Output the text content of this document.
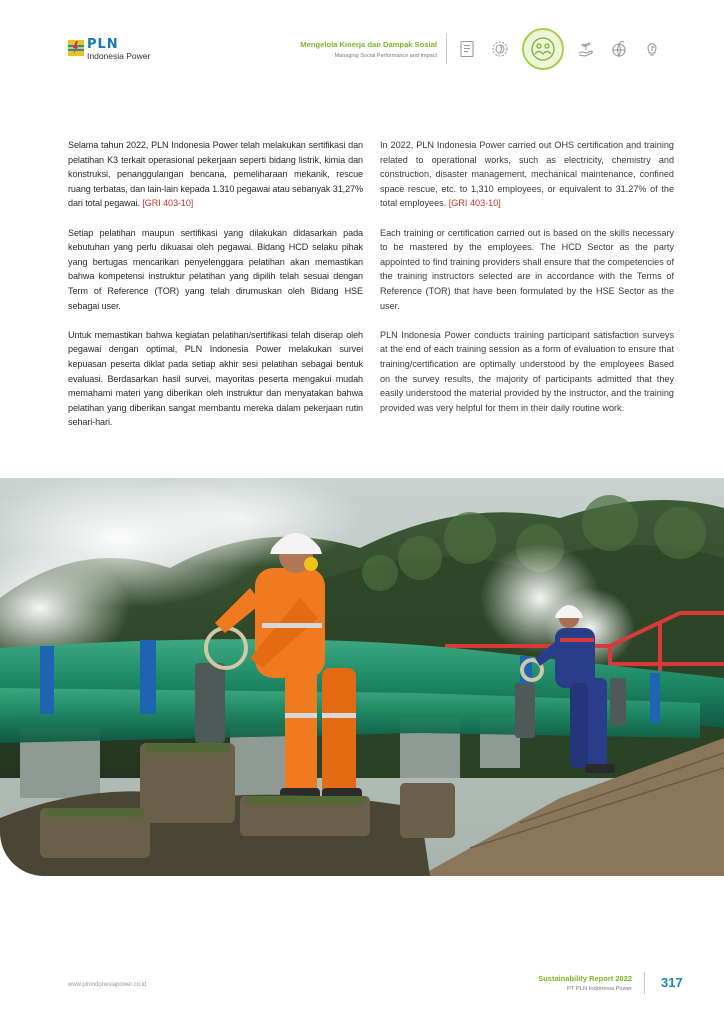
PLN
Indonesia Power
Mengelola Kinerja dan Dampak Sosial
Managing Social Performance and Impact

Selama tahun 2022, PLN Indonesia Power telah melakukan sertifikasi dan pelatihan K3 terkait operasional pekerjaan seperti bidang listrik, kimia dan konstruksi, penanggulangan bencana, pemeliharaan mekanik, rescue ruang terbatas, dan lain-lain kepada 1.310 pegawai atau sebanyak 31,27% dari total pegawai. [GRI 403-10]

Setiap pelatihan maupun sertifikasi yang dilakukan didasarkan pada kebutuhan yang perlu dikuasai oleh pegawai. Bidang HCD selaku pihak yang bertugas mencarikan penyelenggara pelatihan akan memastikan bahwa kompetensi instruktur pelatihan yang dipilih telah sesuai dengan Term of Reference (TOR) yang telah dirumuskan oleh Bidang HSE sebagai user.

Untuk memastikan bahwa kegiatan pelatihan/sertifikasi telah diserap oleh pegawai dengan optimal, PLN Indonesia Power melakukan survei kepuasan peserta diklat pada setiap akhir sesi pelatihan sebagai bentuk evaluasi. Berdasarkan hasil survei, mayoritas peserta mengakui mudah memahami materi yang diberikan oleh instruktur dan menyatakan bahwa pelatihan yang diberikan sangat membantu mereka dalam pekerjaan rutin sehari-hari.

In 2022, PLN Indonesia Power carried out OHS certification and training related to operational works, such as electricity, chemistry and construction, disaster management, mechanical maintenance, confined space rescue, etc. to 1,310 employees, or equivalent to 31.27% of the total employees. [GRI 403-10]

Each training or certification carried out is based on the skills necessary to be mastered by the employees. The HCD Sector as the party appointed to find training providers shall ensure that the competencies of the training instructors selected are in accordance with the Terms of Reference (TOR) that have been formulated by the HSE Sector as the user.

PLN Indonesia Power conducts training participant satisfaction surveys at the end of each training session as a form of evaluation to ensure that training/certification are optimally understood by the employees Based on the survey results, the majority of participants admitted that they easily understood the material provided by the instructor, and the training provided was very helpful for them in their daily routine work.

www.plnindonesiapower.co.id
Sustainability Report 2022
PT PLN Indonesia Power 317
